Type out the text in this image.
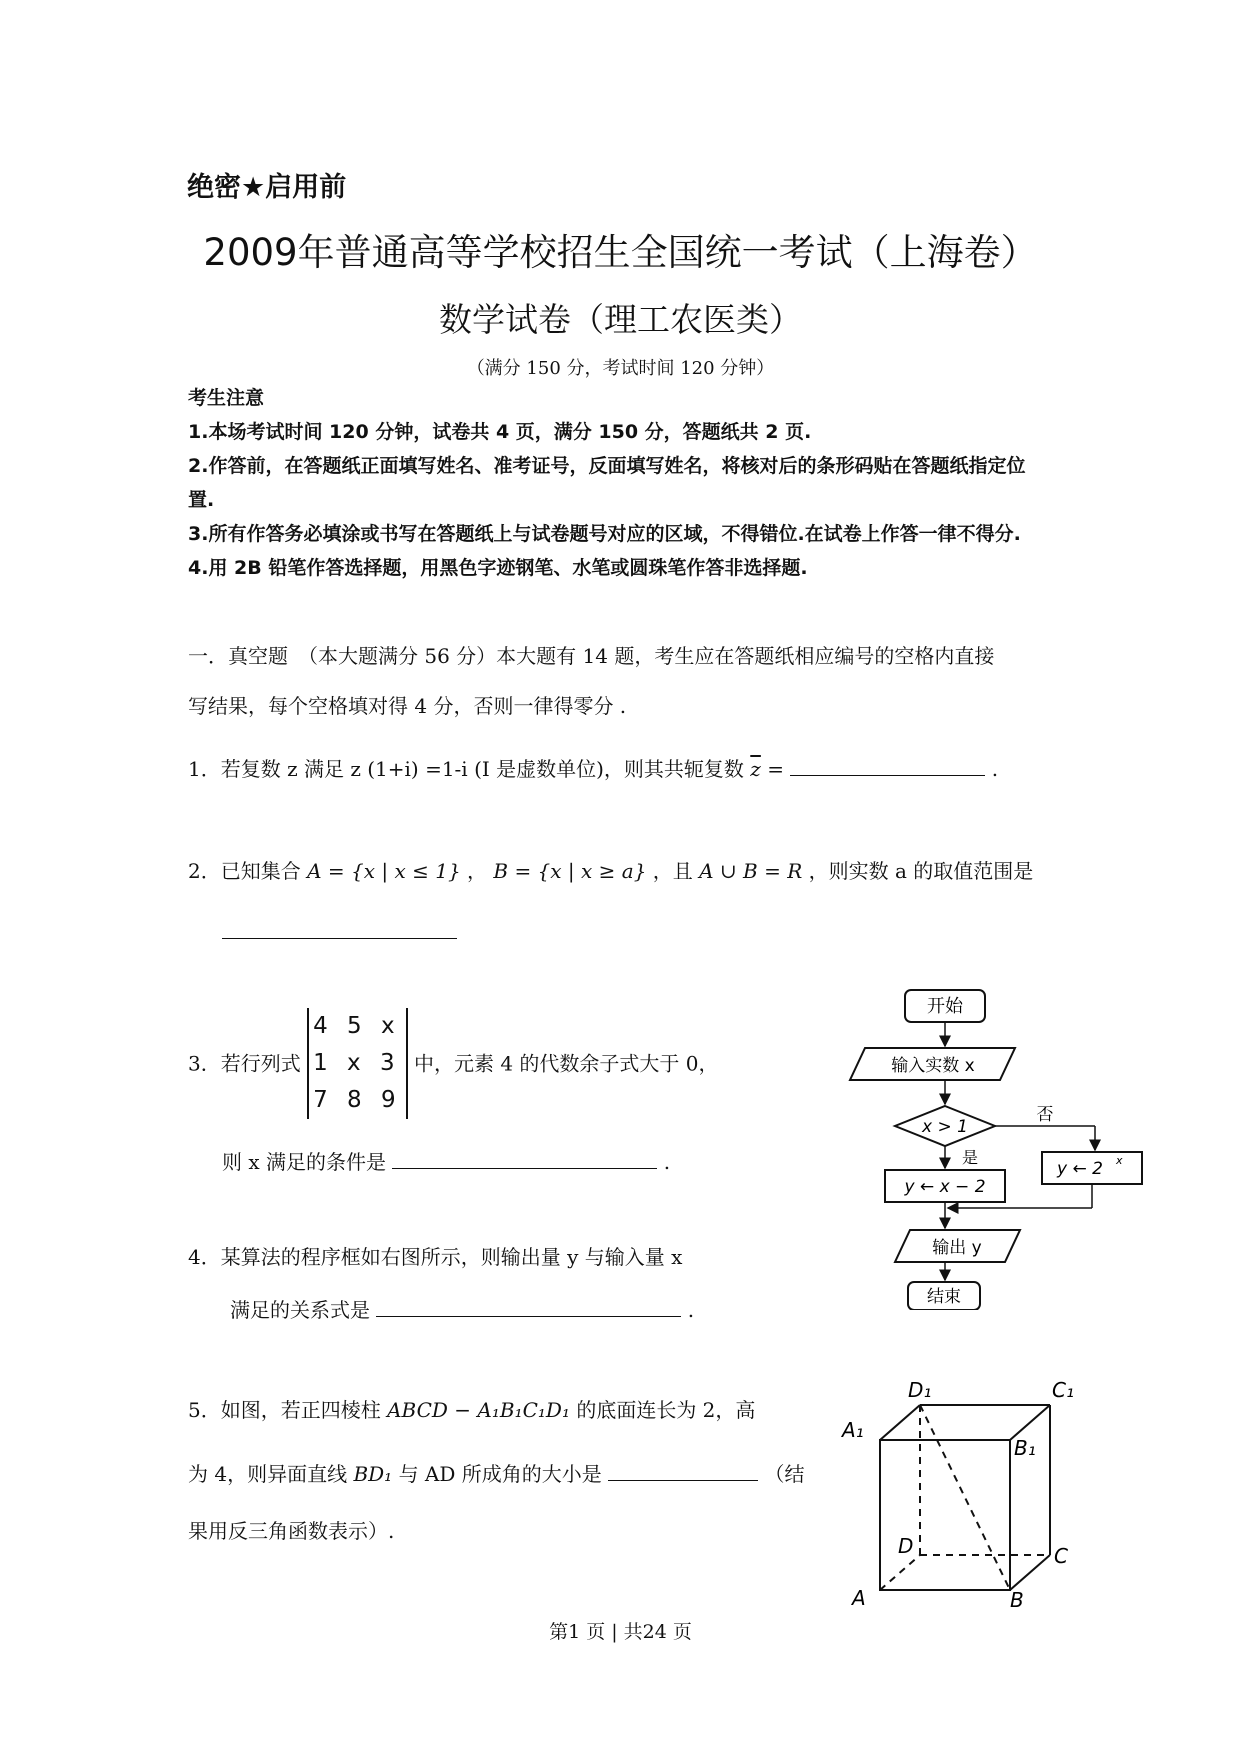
绝密★启用前
2009年普通高等学校招生全国统一考试（上海卷）
数学试卷（理工农医类）
（满分 150 分，考试时间 120 分钟）
考生注意
1.本场考试时间 120 分钟，试卷共 4 页，满分 150 分，答题纸共 2 页.
2.作答前，在答题纸正面填写姓名、准考证号，反面填写姓名，将核对后的条形码贴在答题纸指定位置.
3.所有作答务必填涂或书写在答题纸上与试卷题号对应的区域，不得错位.在试卷上作答一律不得分.
4.用 2B 铅笔作答选择题，用黑色字迹钢笔、水笔或圆珠笔作答非选择题.
一．真空题　（本大题满分 56 分）本大题有 14 题，考生应在答题纸相应编号的空格内直接
写结果，每个空格填对得 4 分，否则一律得零分 .
1．若复数 z 满足 z (1+i) =1-i (I 是虚数单位)，则其共轭复数 $\overline{z}$ =	.
2．已知集合 A = {x | x ≤ 1} ， B = {x | x ≥ a} ，且 A ∪ B = R ，则实数 a 的取值范围是
3．若行列式
4 5 x
1 x 3
7 8 9
中，元素 4 的代数余子式大于 0，
则 x 满足的条件是	.
4．某算法的程序框如右图所示，则输出量 y 与输入量 x
满足的关系式是	.
5．如图，若正四棱柱 ABCD − A₁B₁C₁D₁ 的底面连长为 2，高
为 4，则异面直线 BD₁ 与 AD 所成角的大小是	（结
果用反三角函数表示）.
开始
输入实数 x
x > 1
否
是
y ← x − 2
y ← 2 x
输出 y
结束
D₁	C₁
A₁
B₁
D	C
A	B
第1 页 | 共24 页
